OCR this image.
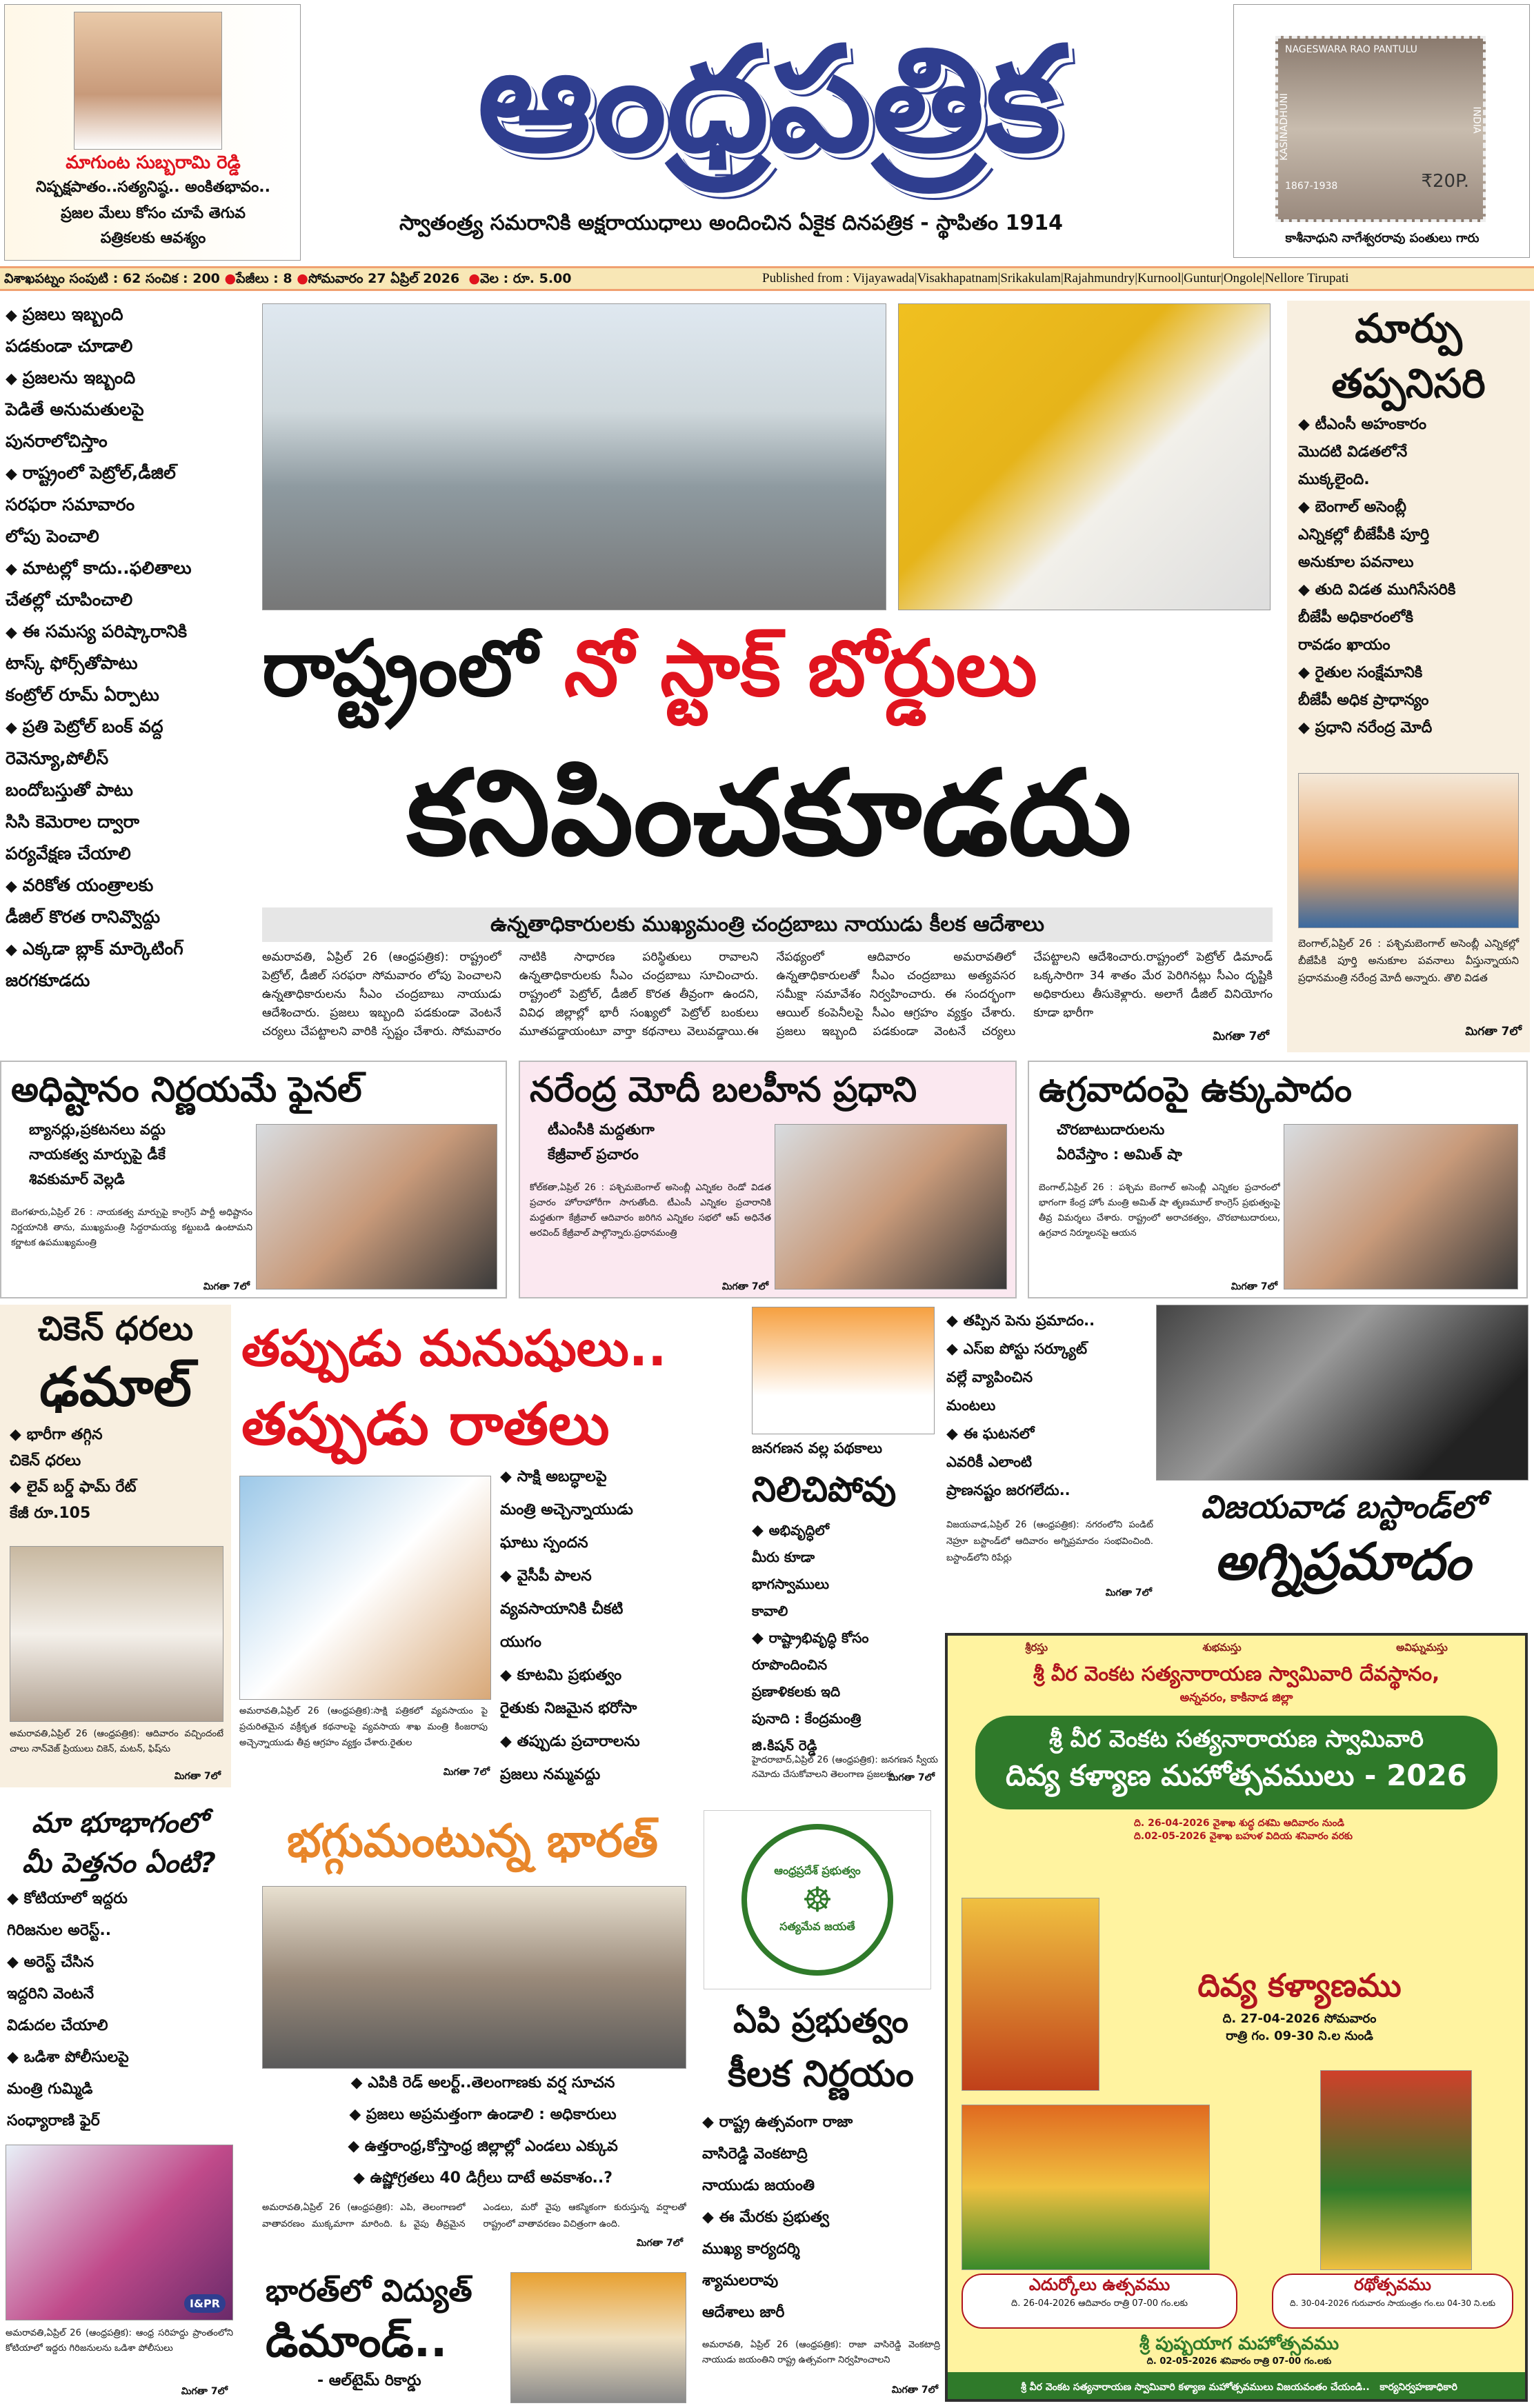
మాగుంట సుబ్బరామి రెడ్డి
నిష్పక్షపాతం..సత్యనిష్ఠ.. అంకితభావం..
ప్రజల మేలు కోసం చూపే తెగువ
పత్రికలకు ఆవశ్యం
ఆంధ్రపత్రిక
స్వాతంత్ర్య సమరానికి అక్షరాయుధాలు అందించిన ఏకైక దినపత్రిక - స్థాపితం 1914
NAGESWARA RAO PANTULU
KASINADHUNI	INDIA
1867-1938	₹20P.
కాశీనాధుని నాగేశ్వరరావు పంతులు గారు
విశాఖపట్నం సంపుటి : 62 సంచిక : 200 ●పేజీలు : 8 ●సోమవారం 27 ఏప్రిల్ 2026 ●వెల : రూ. 5.00	Published from : Vijayawada|Visakhapatnam|Srikakulam|Rajahmundry|Kurnool|Guntur|Ongole|Nellore Tirupati
◆ ప్రజలు ఇబ్బంది
పడకుండా చూడాలి
◆ ప్రజలను ఇబ్బంది
పెడితే అనుమతులపై
పునరాలోచిస్తాం
◆ రాష్ట్రంలో పెట్రోల్,డీజిల్
సరఫరా సమావారం
లోపు పెంచాలి
◆ మాటల్లో కాదు..ఫలితాలు
చేతల్లో చూపించాలి
◆ ఈ సమస్య పరిష్కారానికి
టాస్క్ ఫోర్స్‌తోపాటు
కంట్రోల్ రూమ్ ఏర్పాటు
◆ ప్రతి పెట్రోల్ బంక్ వద్ద
రెవెన్యూ,పోలీస్
బందోబస్తుతో పాటు
సిసి కెమెరాల ద్వారా
పర్యవేక్షణ చేయాలి
◆ వరికోత యంత్రాలకు
డీజిల్ కొరత రానివ్వొద్దు
◆ ఎక్కడా బ్లాక్ మార్కెటింగ్
జరగకూడదు
రాష్ట్రంలో నో స్టాక్ బోర్డులు
కనిపించకూడదు
ఉన్నతాధికారులకు ముఖ్యమంత్రి చంద్రబాబు నాయుడు కీలక ఆదేశాలు
అమరావతి, ఏప్రిల్ 26 (ఆంధ్రపత్రిక): రాష్ట్రంలో పెట్రోల్, డీజిల్ సరఫరా సోమవారం లోపు పెంచాలని ఉన్నతాధికారులను సీఎం చంద్రబాబు నాయుడు ఆదేశించారు. ప్రజలు ఇబ్బంది పడకుండా వెంటనే చర్యలు చేపట్టాలని వారికి స్పష్టం చేశారు. సోమవారం నాటికి సాధారణ పరిస్థితులు రావాలని ఉన్నతాధికారులకు సీఎం చంద్రబాబు సూచించారు. రాష్ట్రంలో పెట్రోల్, డీజిల్ కొరత తీవ్రంగా ఉందని, వివిధ జిల్లాల్లో భారీ సంఖ్యలో పెట్రోల్ బంకులు మూతపడ్డాయంటూ వార్తా కథనాలు వెలువడ్డాయి.ఈ నేపథ్యంలో ఆదివారం అమరావతిలో ఉన్నతాధికారులతో సీఎం చంద్రబాబు అత్యవసర సమీక్షా సమావేశం నిర్వహించారు. ఈ సందర్భంగా ఆయిల్ కంపెనీలపై సీఎం ఆగ్రహం వ్యక్తం చేశారు. ప్రజలు ఇబ్బంది పడకుండా వెంటనే చర్యలు చేపట్టాలని ఆదేశించారు.రాష్ట్రంలో పెట్రోల్ డిమాండ్ ఒక్కసారిగా 34 శాతం మేర పెరిగినట్లు సీఎం దృష్టికి అధికారులు తీసుకెళ్లారు. అలాగే డీజిల్ వినియోగం కూడా భారీగా
మిగతా 7లో
మార్పు
తప్పనిసరి
◆ టీఎంసీ అహంకారం
మొదటి విడతలోనే
ముక్కలైంది.
◆ బెంగాల్ అసెంబ్లీ
ఎన్నికల్లో బీజేపీకి పూర్తి
అనుకూల పవనాలు
◆ తుది విడత ముగిసేసరికి
బీజేపీ అధికారంలోకి
రావడం ఖాయం
◆ రైతుల సంక్షేమానికి
బీజేపీ అధిక ప్రాధాన్యం
◆ ప్రధాని నరేంద్ర మోదీ
బెంగాల్,ఏప్రిల్ 26 : పశ్చిమబెంగాల్ అసెంబ్లీ ఎన్నికల్లో బీజేపీకి పూర్తి అనుకూల పవనాలు వీస్తున్నాయని ప్రధానమంత్రి నరేంద్ర మోదీ అన్నారు. తొలి విడత
మిగతా 7లో
అధిష్టానం నిర్ణయమే ఫైనల్
బ్యానర్లు,ప్రకటనలు వద్దు
నాయకత్వ మార్పుపై డీకే
శివకుమార్ వెల్లడి
బెంగళూరు,ఏప్రిల్ 26 : నాయకత్వ మార్పుపై కాంగ్రెస్ పార్టీ అధిష్టానం నిర్ణయానికి తాను, ముఖ్యమంత్రి సిద్దరామయ్య కట్టుబడి ఉంటామని కర్ణాటక ఉపముఖ్యమంత్రి
మిగతా 7లో
నరేంద్ర మోదీ బలహీన ప్రధాని
టీఎంసీకి మద్దతుగా
కేజ్రీవాల్ ప్రచారం
కోల్‌కతా,ఏప్రిల్ 26 : పశ్చిమబెంగాల్ అసెంబ్లీ ఎన్నికల రెండో విడత ప్రచారం హోరాహోరీగా సాగుతోంది. టీఎంసీ ఎన్నికల ప్రచారానికి మద్దతుగా కేజ్రీవాల్ ఆదివారం జరిగిన ఎన్నికల సభలో ఆప్ అధినేత అరవింద్ కేజ్రీవాల్ పాల్గొన్నారు.ప్రధానమంత్రి
మిగతా 7లో
ఉగ్రవాదంపై ఉక్కుపాదం
చొరబాటుదారులను
ఏరివేస్తాం : అమిత్ షా
బెంగాల్,ఏప్రిల్ 26 : పశ్చిమ బెంగాల్ అసెంబ్లీ ఎన్నికల ప్రచారంలో భాగంగా కేంద్ర హోం మంత్రి అమిత్ షా తృణమూల్ కాంగ్రెస్ ప్రభుత్వంపై తీవ్ర విమర్శలు చేశారు. రాష్ట్రంలో అరాచకత్వం, చొరబాటుదారులు, ఉగ్రవాద నిర్మూలనపై ఆయన
మిగతా 7లో
చికెన్ ధరలు
ఢమాల్
◆ భారీగా తగ్గిన
చికెన్ ధరలు
◆ లైవ్ బర్డ్ ఫామ్ రేట్
కేజీ రూ.105
అమరావతి,ఏప్రిల్ 26 (ఆంధ్రపత్రిక): ఆదివారం వచ్చిందంటే చాలు నాన్‌వెజ్ ప్రియులు చికెన్, మటన్, ఫిష్‌ను
మిగతా 7లో
తప్పుడు మనుషులు..
తప్పుడు రాతలు
◆ సాక్షి అబద్ధాలపై
మంత్రి అచ్చెన్నాయుడు
ఘాటు స్పందన
◆ వైసీపీ పాలన
వ్యవసాయానికి చీకటి
యుగం
◆ కూటమి ప్రభుత్వం
రైతుకు నిజమైన భరోసా
◆ తప్పుడు ప్రచారాలను
ప్రజలు నమ్మవద్దు
అమరావతి,ఏప్రిల్ 26 (ఆంధ్రపత్రిక):సాక్షి పత్రికలో వ్యవసాయం పై ప్రచురితమైన వక్రీకృత కథనాలపై వ్యవసాయ శాఖ మంత్రి కింజరాపు అచ్చెన్నాయుడు తీవ్ర ఆగ్రహం వ్యక్తం చేశారు.రైతుల
మిగతా 7లో
జనగణన వల్ల పథకాలు
నిలిచిపోవు
◆ అభివృద్ధిలో
మీరు కూడా
భాగస్వాములు
కావాలి
◆ రాష్ట్రాభివృద్ధి కోసం
రూపొందించిన
ప్రణాళికలకు ఇది
పునాది : కేంద్రమంత్రి
జి.కిషన్ రెడ్డి
హైదరాబాద్,ఏప్రిల్ 26 (ఆంధ్రపత్రిక): జనగణన స్వీయ నమోదు చేసుకోవాలని తెలంగాణ ప్రజలకు
మిగతా 7లో
◆ తప్పిన పెను ప్రమాదం..
◆ ఎస్‌ఐ పోస్టు సర్క్యూట్
వల్లే వ్యాపించిన
మంటలు
◆ ఈ ఘటనలో
ఎవరికీ ఎలాంటి
ప్రాణనష్టం జరగలేదు..	విజయవాడ బస్టాండ్‌లో
అగ్నిప్రమాదం
విజయవాడ,ఏప్రిల్ 26 (ఆంధ్రపత్రిక): నగరంలోని పండిట్ నెహ్రూ బస్టాండ్‌లో ఆదివారం అగ్నిప్రమాదం సంభవించింది. బస్టాండ్‌లోని రిపేర్లు
మిగతా 7లో
శ్రీరస్తు	శుభమస్తు	అవిఘ్నమస్తు
శ్రీ వీర వెంకట సత్యనారాయణ స్వామివారి దేవస్థానం,
అన్నవరం, కాకినాడ జిల్లా
శ్రీ వీర వెంకట సత్యనారాయణ స్వామివారి
దివ్య కళ్యాణ మహోత్సవములు - 2026
ది. 26-04-2026 వైశాఖ శుద్ధ దశమి ఆదివారం నుండి
ది.02-05-2026 వైశాఖ బహుళ విదియ శనివారం వరకు
దివ్య కళ్యాణము
ది. 27-04-2026 సోమవారం
రాత్రి గం. 09-30 ని.ల నుండి
ఎదుర్కోలు ఉత్సవము
ది. 26-04-2026 ఆదివారం రాత్రి 07-00 గం.లకు
రథోత్సవము
ది. 30-04-2026 గురువారం సాయంత్రం గం.లు 04-30 ని.లకు
శ్రీ పుష్పయాగ మహోత్సవము
ది. 02-05-2026 శనివారం రాత్రి 07-00 గం.లకు
శ్రీ వీర వెంకట సత్యనారాయణ స్వామివారి కళ్యాణ మహోత్సవములు విజయవంతం చేయండి.. కార్యనిర్వహణాధికారి
మా భూభాగంలో
మీ పెత్తనం ఏంటి?
◆ కోటియాలో ఇద్దరు
గిరిజనుల అరెస్ట్..
◆ అరెస్ట్ చేసిన
ఇద్దరిని వెంటనే
విడుదల చేయాలి
◆ ఒడిశా పోలీసులపై
మంత్రి గుమ్మిడి
సంధ్యారాణి ఫైర్
I&PR
అమరావతి,ఏప్రిల్ 26 (ఆంధ్రపత్రిక): ఆంధ్ర సరిహద్దు ప్రాంతంలోని కోటియాలో ఇద్దరు గిరిజనులను ఒడిశా పోలీసులు
మిగతా 7లో
భగ్గుమంటున్న భారత్
◆ ఎపికి రెడ్ అలర్ట్..తెలంగాణకు వర్ష సూచన
◆ ప్రజలు అప్రమత్తంగా ఉండాలి : అధికారులు
◆ ఉత్తరాంధ్ర,కోస్తాంధ్ర జిల్లాల్లో ఎండలు ఎక్కువ
◆ ఉష్ణోగ్రతలు 40 డిగ్రీలు దాటే అవకాశం..?
అమరావతి,ఏప్రిల్ 26 (ఆంధ్రపత్రిక): ఎపి, తెలంగాణలో వాతావరణం ముక్కమాగా మారింది. ఓ వైపు తీవ్రమైన ఎండలు, మరో వైపు ఆకస్మికంగా కురుస్తున్న వర్షాలతో రాష్ట్రంలో వాతావరణం విచిత్రంగా ఉంది.
మిగతా 7లో
భారత్‌లో విద్యుత్
డిమాండ్..
- ఆల్‌టైమ్ రికార్డు
ఆంధ్రప్రదేశ్ ప్రభుత్వం
☸
సత్యమేవ జయతే
ఏపి ప్రభుత్వం
కీలక నిర్ణయం
◆ రాష్ట్ర ఉత్సవంగా రాజా
వాసిరెడ్డి వెంకటాద్రి
నాయుడు జయంతి
◆ ఈ మేరకు ప్రభుత్వ
ముఖ్య కార్యదర్శి
శ్యామలరావు
ఆదేశాలు జారీ
అమరావతి, ఏప్రిల్ 26 (ఆంధ్రపత్రిక): రాజా వాసిరెడ్డి వెంకటాద్రి నాయుడు జయంతిని రాష్ట్ర ఉత్సవంగా నిర్వహించాలని
మిగతా 7లో
